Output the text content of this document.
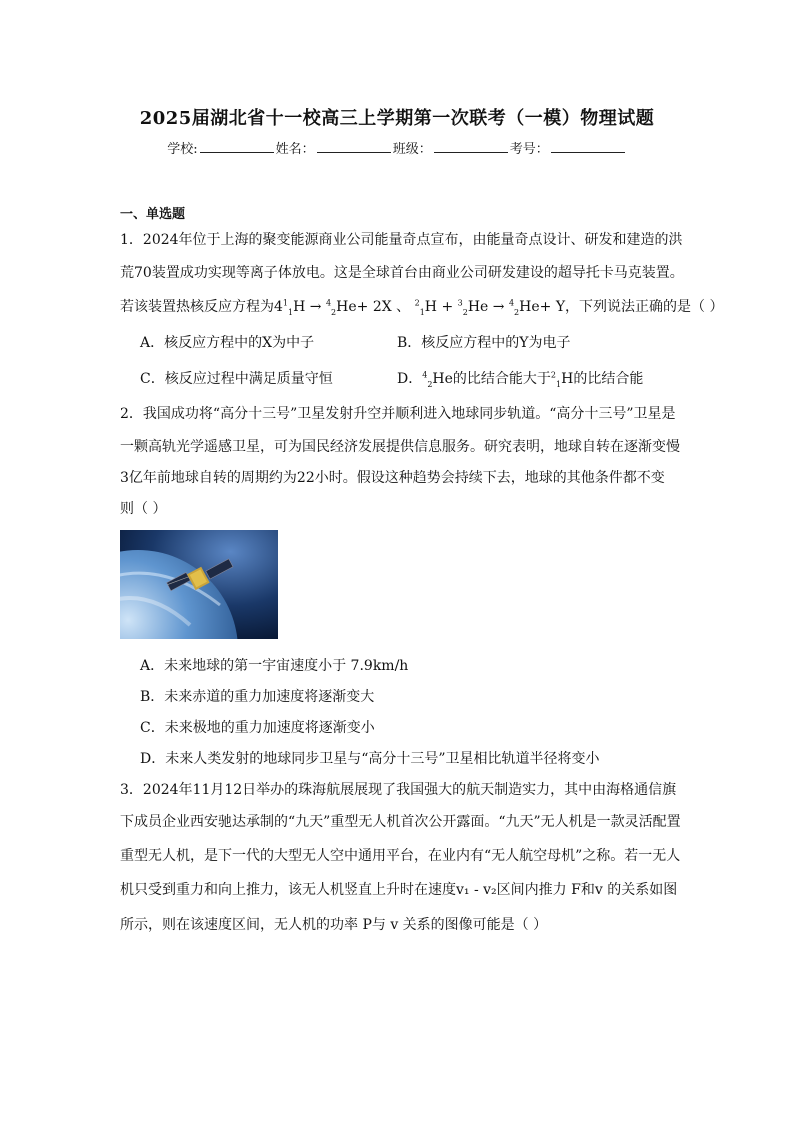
2025届湖北省十一校高三上学期第一次联考（一模）物理试题
学校:	姓名：	班级：	考号：
一、单选题
1．2024年位于上海的聚变能源商业公司能量奇点宣布，由能量奇点设计、研发和建造的洪
荒70装置成功实现等离子体放电。这是全球首台由商业公司研发建设的超导托卡马克装置。
若该装置热核反应方程为$4^1_1H \to ^4_2He+ 2X$ 、 $^2_1$H + $^3_2$He → $^4_2$He+ Y，下列说法正确的是（ ）
A．核反应方程中的X为中子	B．核反应方程中的Y为电子
C．核反应过程中满足质量守恒	D．$^4_2$He的比结合能大于$^2_1$H的比结合能
2．我国成功将“高分十三号”卫星发射升空并顺利进入地球同步轨道。“高分十三号”卫星是
一颗高轨光学遥感卫星，可为国民经济发展提供信息服务。研究表明，地球自转在逐渐变慢
3亿年前地球自转的周期约为22小时。假设这种趋势会持续下去，地球的其他条件都不变
则（ ）
A．未来地球的第一宇宙速度小于 7.9km/h
B．未来赤道的重力加速度将逐渐变大
C．未来极地的重力加速度将逐渐变小
D．未来人类发射的地球同步卫星与“高分十三号”卫星相比轨道半径将变小
3．2024年11月12日举办的珠海航展展现了我国强大的航天制造实力，其中由海格通信旗
下成员企业西安驰达承制的“九天”重型无人机首次公开露面。“九天”无人机是一款灵活配置
重型无人机，是下一代的大型无人空中通用平台，在业内有“无人航空母机”之称。若一无人
机只受到重力和向上推力，该无人机竖直上升时在速度v₁ - v₂区间内推力 F和v 的关系如图
所示，则在该速度区间，无人机的功率 P与 v 关系的图像可能是（ ）
